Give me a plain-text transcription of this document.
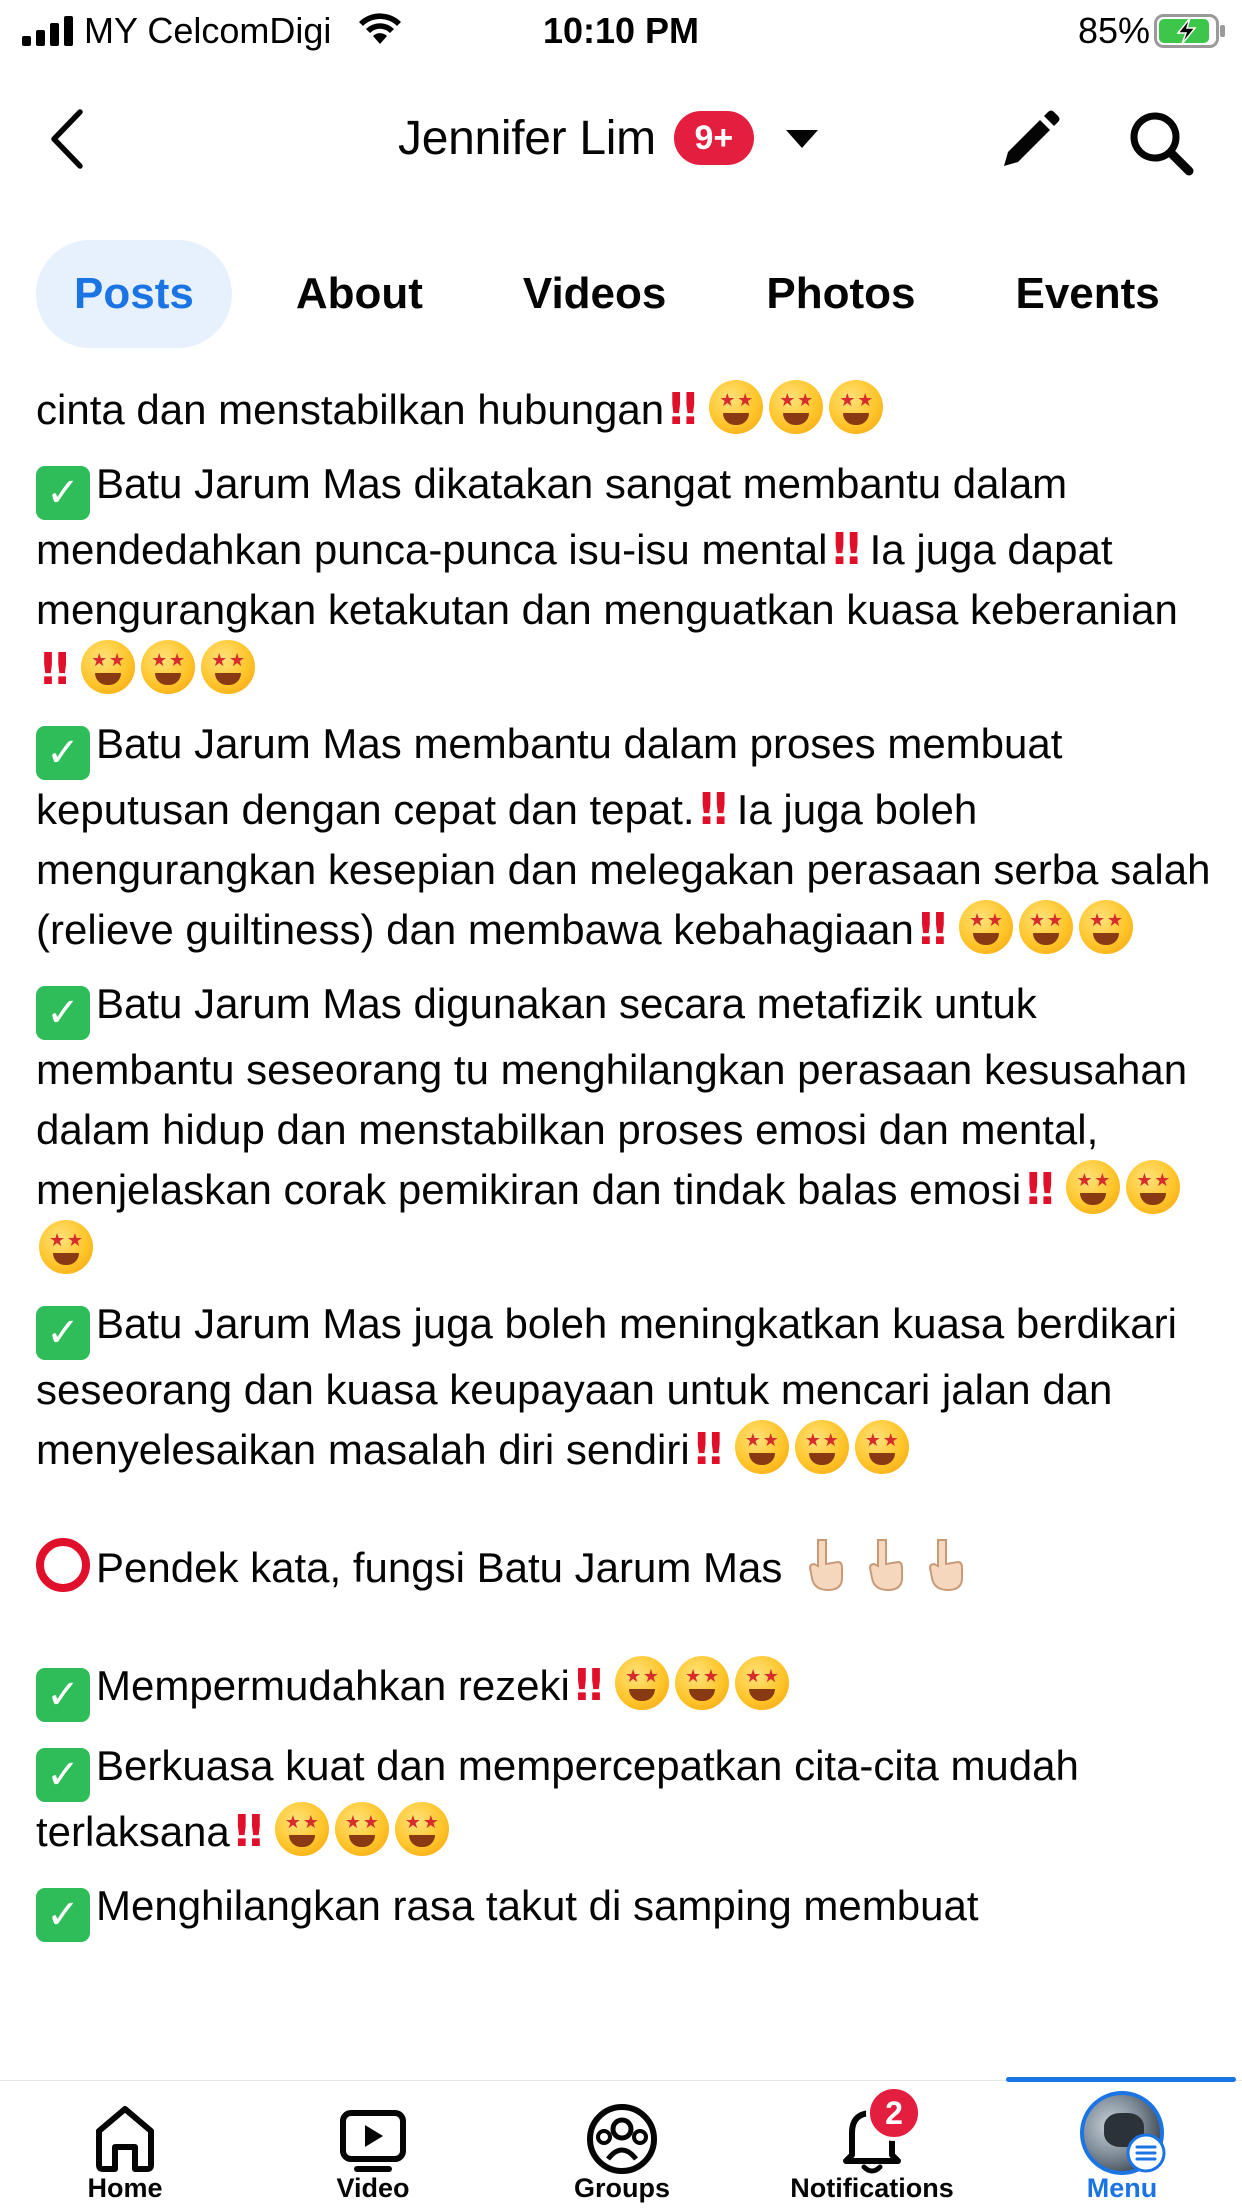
MY CelcomDigi	10:10 PM	85%
Jennifer Lim	9+
Posts	About	Videos	Photos	Events
cinta dan menstabilkan hubungan!!★
★★
★★
★
✓ Batu Jarum Mas dikatakan sangat membantu dalam mendedahkan punca-punca isu-isu mental!! Ia juga dapat mengurangkan ketakutan dan menguatkan kuasa keberanian!!★
★★
★★
★
✓ Batu Jarum Mas membantu dalam proses membuat keputusan dengan cepat dan tepat.!! Ia juga boleh mengurangkan kesepian dan melegakan perasaan serba salah (relieve guiltiness) dan membawa kebahagiaan!!★
★★
★★
★
✓ Batu Jarum Mas digunakan secara metafizik untuk membantu seseorang tu menghilangkan perasaan kesusahan dalam hidup dan menstabilkan proses emosi dan mental, menjelaskan corak pemikiran dan tindak balas emosi!!★
★★
★★
★
✓ Batu Jarum Mas juga boleh meningkatkan kuasa berdikari seseorang dan kuasa keupayaan untuk mencari jalan dan menyelesaikan masalah diri sendiri!!★
★★
★★
★
Pendek kata, fungsi Batu Jarum Mas
✓ Mempermudahkan rezeki!!★
★★
★★
★
✓ Berkuasa kuat dan mempercepatkan cita-cita mudah terlaksana!!★
★★
★★
★
✓ Menghilangkan rasa takut di samping membuat
Home	Video	Groups
2
Notifications	Menu
